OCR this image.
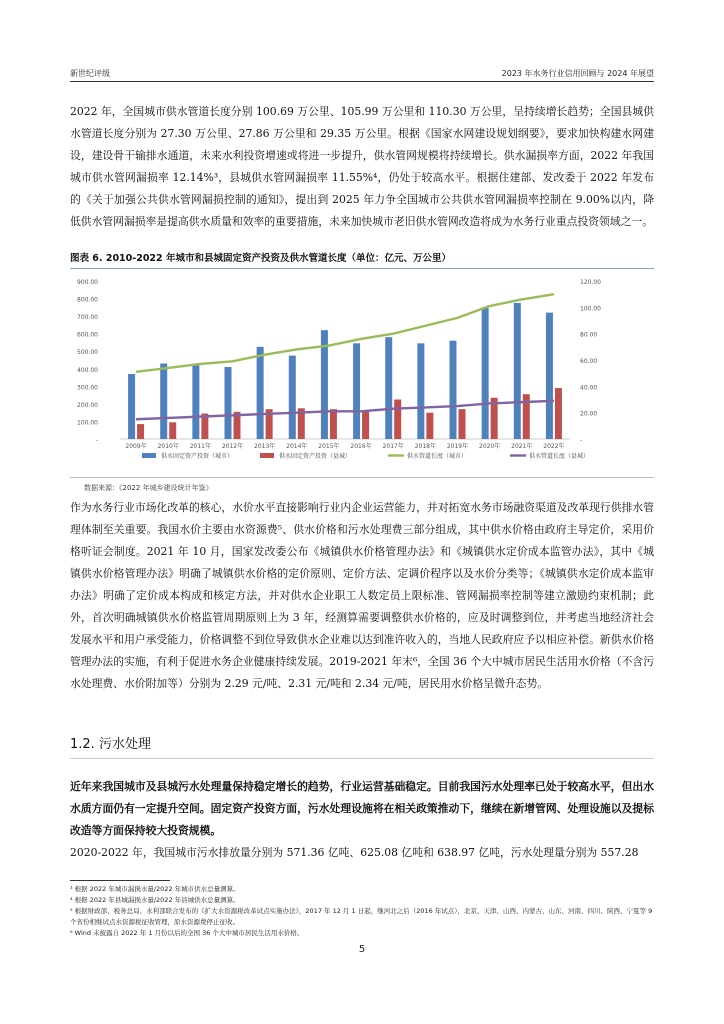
新世纪评级	2023 年水务行业信用回顾与 2024 年展望
2022 年，全国城市供水管道长度分别 100.69 万公里、105.99 万公里和 110.30 万公里，呈持续增长趋势；全国县城供水管道长度分别为 27.30 万公里、27.86 万公里和 29.35 万公里。根据《国家水网建设规划纲要》，要求加快构建水网建设，建设骨干输排水通道，未来水利投资增速或将进一步提升，供水管网规模将持续增长。供水漏损率方面，2022 年我国城市供水管网漏损率 12.14%³，县城供水管网漏损率 11.55%⁴，仍处于较高水平。根据住建部、发改委于 2022 年发布的《关于加强公共供水管网漏损控制的通知》，提出到 2025 年力争全国城市公共供水管网漏损率控制在 9.00%以内，降低供水管网漏损率是提高供水质量和效率的重要措施，未来加快城市老旧供水管网改造将成为水务行业重点投资领域之一。
图表 6. 2010-2022 年城市和县城固定资产投资及供水管道长度（单位：亿元、万公里）
900.00
800.00
700.00
600.00
500.00
400.00
300.00
200.00
100.00
-
120.00
100.00
80.00
60.00
40.00
20.00
-
2009年 2010年 2011年 2012年 2013年 2014年 2015年 2016年 2017年 2018年 2019年 2020年 2021年 2022年
供水固定资产投资（城市）	供水固定资产投资（县城）	供水管道长度（城市）	供水管道长度（县城）
数据来源：《2022 年城乡建设统计年鉴》
作为水务行业市场化改革的核心，水价水平直接影响行业内企业运营能力，并对拓宽水务市场融资渠道及改革现行供排水管理体制至关重要。我国水价主要由水资源费⁵、供水价格和污水处理费三部分组成，其中供水价格由政府主导定价，采用价格听证会制度。2021 年 10 月，国家发改委公布《城镇供水价格管理办法》和《城镇供水定价成本监管办法》，其中《城镇供水价格管理办法》明确了城镇供水价格的定价原则、定价方法、定调价程序以及水价分类等；《城镇供水定价成本监审办法》明确了定价成本构成和核定方法，并对供水企业职工人数定员上限标准、管网漏损率控制等建立激励约束机制；此外，首次明确城镇供水价格监管周期原则上为 3 年，经测算需要调整供水价格的，应及时调整到位，并考虑当地经济社会发展水平和用户承受能力，价格调整不到位导致供水企业难以达到准许收入的，当地人民政府应予以相应补偿。新供水价格管理办法的实施，有利于促进水务企业健康持续发展。2019-2021 年末⁶，全国 36 个大中城市居民生活用水价格（不含污水处理费、水价附加等）分别为 2.29 元/吨、2.31 元/吨和 2.34 元/吨，居民用水价格呈微升态势。
1.2. 污水处理
近年来我国城市及县城污水处理量保持稳定增长的趋势，行业运营基础稳定。目前我国污水处理率已处于较高水平，但出水水质方面仍有一定提升空间。固定资产投资方面，污水处理设施将在相关政策推动下，继续在新增管网、处理设施以及提标改造等方面保持较大投资规模。
2020-2022 年，我国城市污水排放量分别为 571.36 亿吨、625.08 亿吨和 638.97 亿吨，污水处理量分别为 557.28
³ 根据 2022 年城市漏损水量/2022 年城市供水总量测算。
⁴ 根据 2022 年县城漏损水量/2022 年县城供水总量测算。
⁵ 根据财政部、税务总局、水利部联合发布的《扩大水资源税改革试点实施办法》，2017 年 12 月 1 日起，继河北之后（2016 年试点），北京、天津、山西、内蒙古、山东、河南、四川、陕西、宁夏等 9 个省份相继试点水资源税征收管理，原水资源费停止征收。
⁶ Wind 未披露自 2022 年 1 月份以后的全国 36 个大中城市居民生活用水价格。
5
